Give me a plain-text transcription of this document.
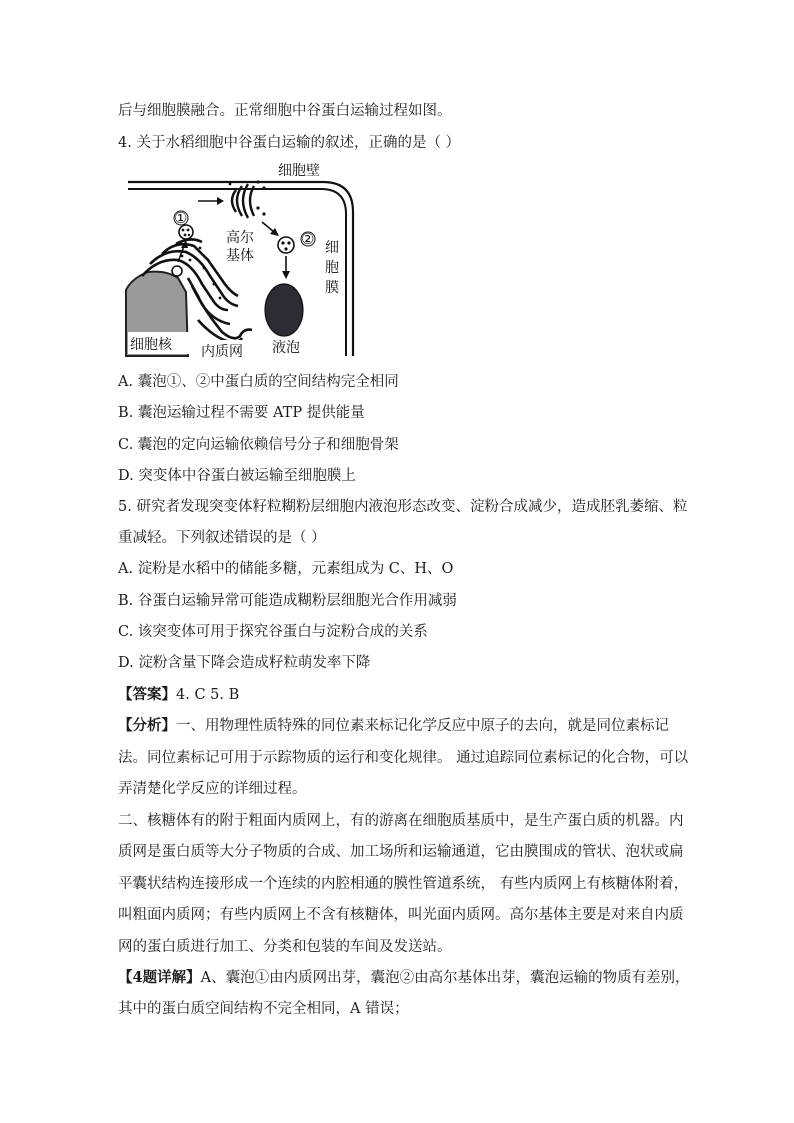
后与细胞膜融合。正常细胞中谷蛋白运输过程如图。
4. 关于水稻细胞中谷蛋白运输的叙述，正确的是（ ）
细胞壁
细
胞
膜
细胞核 内质网
①
高尔
基体
②
液泡
A. 囊泡①、②中蛋白质的空间结构完全相同
B. 囊泡运输过程不需要 ATP 提供能量
C. 囊泡的定向运输依赖信号分子和细胞骨架
D. 突变体中谷蛋白被运输至细胞膜上
5. 研究者发现突变体籽粒糊粉层细胞内液泡形态改变、淀粉合成减少，造成胚乳萎缩、粒
重减轻。下列叙述错误的是（ ）
A. 淀粉是水稻中的储能多糖，元素组成为 C、H、O
B. 谷蛋白运输异常可能造成糊粉层细胞光合作用减弱
C. 该突变体可用于探究谷蛋白与淀粉合成的关系
D. 淀粉含量下降会造成籽粒萌发率下降
【答案】4. C 5. B
【分析】一、用物理性质特殊的同位素来标记化学反应中原子的去向，就是同位素标记
法。同位素标记可用于示踪物质的运行和变化规律。 通过追踪同位素标记的化合物，可以
弄清楚化学反应的详细过程。
二、核糖体有的附于粗面内质网上，有的游离在细胞质基质中，是生产蛋白质的机器。内
质网是蛋白质等大分子物质的合成、加工场所和运输通道，它由膜围成的管状、泡状或扁
平囊状结构连接形成一个连续的内腔相通的膜性管道系统， 有些内质网上有核糖体附着，
叫粗面内质网；有些内质网上不含有核糖体，叫光面内质网。高尔基体主要是对来自内质
网的蛋白质进行加工、分类和包装的车间及发送站。
【4题详解】A、囊泡①由内质网出芽，囊泡②由高尔基体出芽，囊泡运输的物质有差别，
其中的蛋白质空间结构不完全相同，A 错误；
